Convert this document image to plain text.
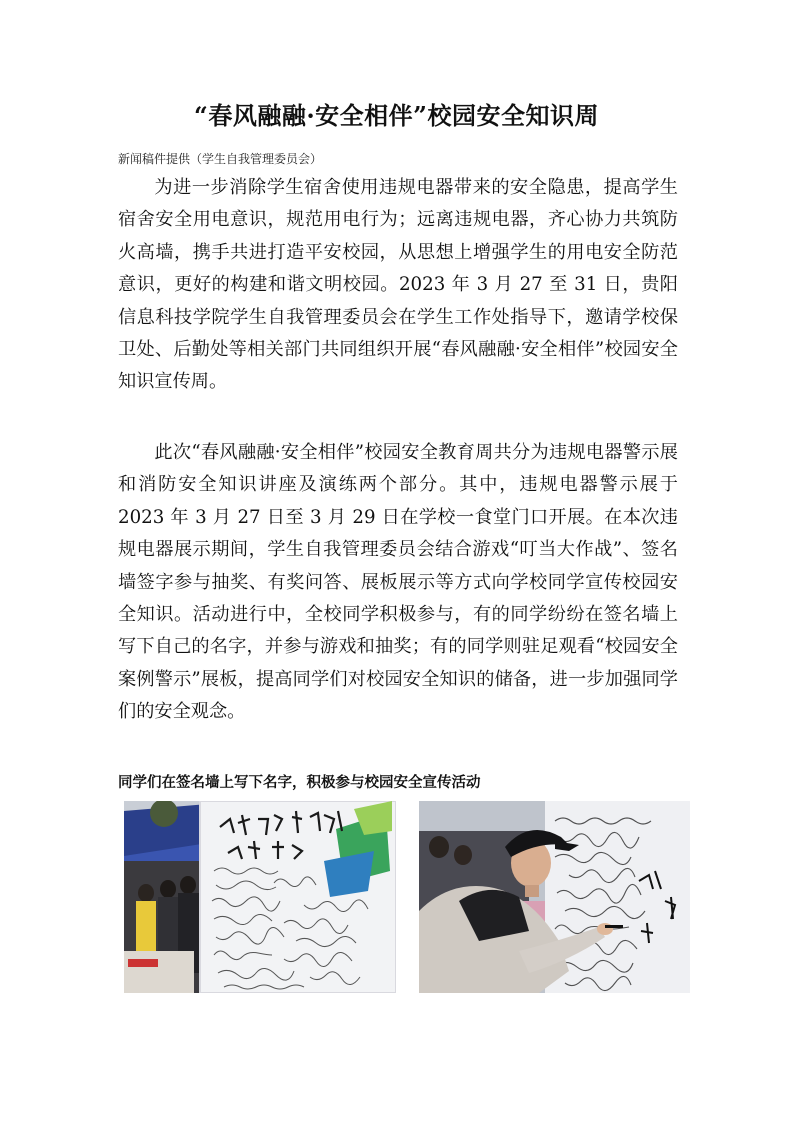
“春风融融·安全相伴”校园安全知识周
新闻稿件提供（学生自我管理委员会）

为进一步消除学生宿舍使用违规电器带来的安全隐患，提高学生宿舍安全用电意识，规范用电行为；远离违规电器，齐心协力共筑防火高墙，携手共进打造平安校园，从思想上增强学生的用电安全防范意识，更好的构建和谐文明校园。2023 年 3 月 27 至 31 日，贵阳信息科技学院学生自我管理委员会在学生工作处指导下，邀请学校保卫处、后勤处等相关部门共同组织开展“春风融融·安全相伴”校园安全知识宣传周。

此次“春风融融·安全相伴”校园安全教育周共分为违规电器警示展和消防安全知识讲座及演练两个部分。其中，违规电器警示展于 2023 年 3 月 27 日至 3 月 29 日在学校一食堂门口开展。在本次违规电器展示期间，学生自我管理委员会结合游戏“叮当大作战”、签名墙签字参与抽奖、有奖问答、展板展示等方式向学校同学宣传校园安全知识。活动进行中，全校同学积极参与，有的同学纷纷在签名墙上写下自己的名字，并参与游戏和抽奖；有的同学则驻足观看“校园安全案例警示”展板，提高同学们对校园安全知识的储备，进一步加强同学们的安全观念。

同学们在签名墙上写下名字，积极参与校园安全宣传活动
